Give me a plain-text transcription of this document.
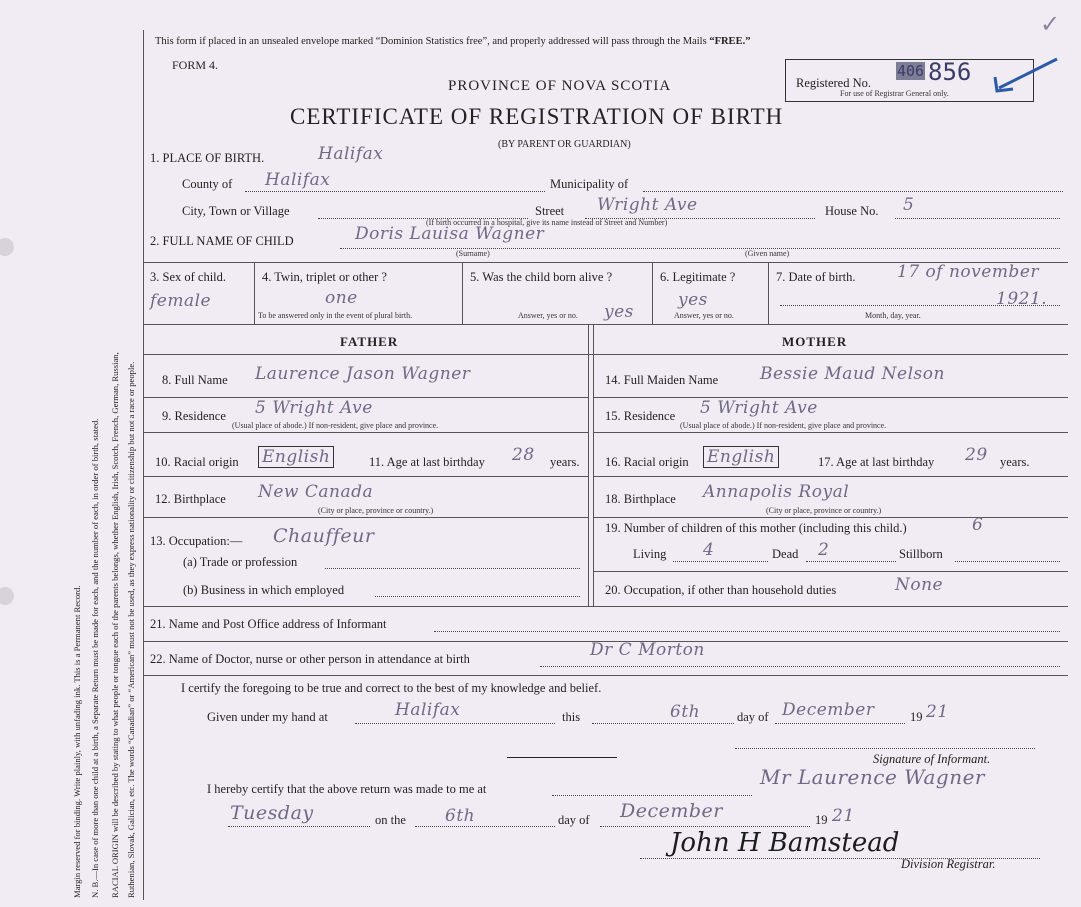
Margin reserved for binding. Write plainly, with unfading ink. This is a Permanent Record. N. B.—In case of more than one child at a birth, a Separate Return must be made for each, and the number of each, in order of birth, stated. RACIAL ORIGIN will be described by stating to what people or tongue each of the parents belongs, whether English, Irish, Scotch, French, German, Russian, Ruthenian, Slovak, Galician, etc. The words “Canadian” or “American” must not be used, as they express nationality or citizenship but not a race or people.
This form if placed in an unsealed envelope marked “Dominion Statistics free”, and properly addressed will pass through the Mails “FREE.”
FORM 4.
PROVINCE OF NOVA SCOTIA
CERTIFICATE OF REGISTRATION OF BIRTH
(BY PARENT OR GUARDIAN)
Registered No.
406 856
For use of Registrar General only.
✓
1. PLACE OF BIRTH.	Halifax
County of Halifax	Municipality of
City, Town or Village	Street Wright Ave	House No. 5
(If birth occurred in a hospital, give its name instead of Street and Number)
2. FULL NAME OF CHILD	Doris Lauisa Wagner
(Surname)	(Given name)
3. Sex of child.
female
4. Twin, triplet or other ?
one
To be answered only in the event of plural birth.
5. Was the child born alive ?
Answer, yes or no. yes
6. Legitimate ?
yes
Answer, yes or no.
7. Date of birth. 17 of november
1921.
Month, day, year.
FATHER	MOTHER
8. Full Name Laurence Jason Wagner
9. Residence 5 Wright Ave
(Usual place of abode.) If non-resident, give place and province.
10. Racial origin English	11. Age at last birthday 28 years.
12. Birthplace New Canada
(City or place, province or country.)
13. Occupation:— Chauffeur
(a) Trade or profession
(b) Business in which employed
14. Full Maiden Name Bessie Maud Nelson
15. Residence 5 Wright Ave
(Usual place of abode.) If non-resident, give place and province.
16. Racial origin English	17. Age at last birthday 29 years.
18. Birthplace Annapolis Royal
(City or place, province or country.)
19. Number of children of this mother (including this child.)	6
Living 4	Dead 2	Stillborn
20. Occupation, if other than household duties	None
21. Name and Post Office address of Informant
22. Name of Doctor, nurse or other person in attendance at birth	Dr C Morton
I certify the foregoing to be true and correct to the best of my knowledge and belief.
Given under my hand at	Halifax	this	6th	day of December	19 21
Signature of Informant.
I hereby certify that the above return was made to me at	Mr Laurence Wagner
Tuesday	on the 6th	day of December	19 21
John H Bamstead
Division Registrar.
